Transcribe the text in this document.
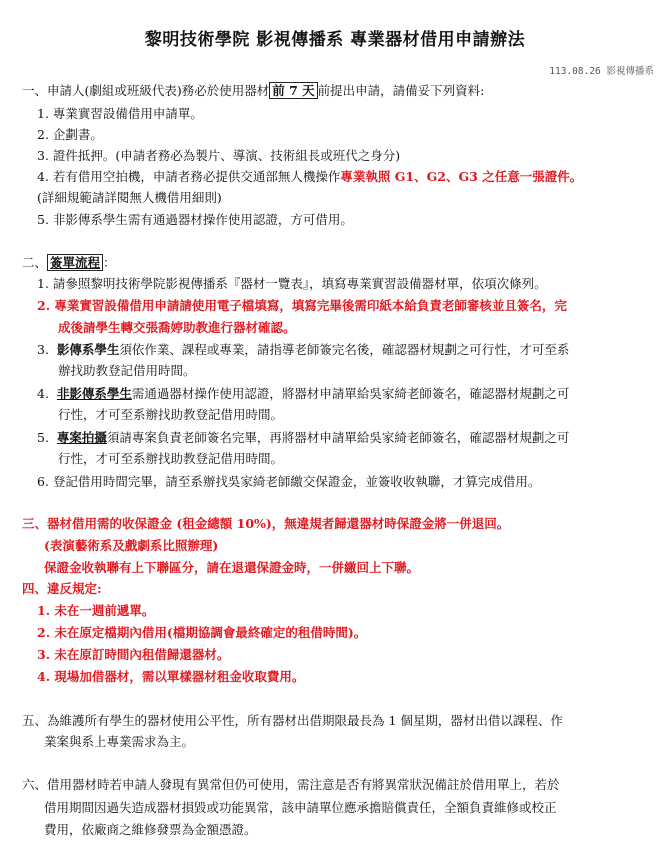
黎明技術學院 影視傳播系 專業器材借用申請辦法
113.08.26 影視傳播系
一、申請人(劇組或班級代表)務必於使用器材 前 7 天 前提出申請，請備妥下列資料:
1. 專業實習設備借用申請單。
2. 企劃書。
3. 證件抵押。(申請者務必為製片、導演、技術組長或班代之身分)
4. 若有借用空拍機，申請者務必提供交通部無人機操作專業執照 G1、G2、G3 之任意一張證件。
(詳細規範請詳閱無人機借用細則)
5. 非影傳系學生需有通過器材操作使用認證，方可借用。
二、 簽單流程 ：
1. 請參照黎明技術學院影視傳播系『器材一覽表』，填寫專業實習設備器材單，依項次條列。
2. 專業實習設備借用申請請使用電子檔填寫，填寫完畢後需印紙本給負責老師審核並且簽名，完
成後請學生轉交張喬婷助教進行器材確認。
3. 影傳系學生須依作業、課程或專業，請指導老師簽完名後，確認器材規劃之可行性，才可至系
辦找助教登記借用時間。
4. 非影傳系學生需通過器材操作使用認證，將器材申請單給吳家綺老師簽名，確認器材規劃之可
行性，才可至系辦找助教登記借用時間。
5. 專案拍攝須請專案負責老師簽名完畢，再將器材申請單給吳家綺老師簽名，確認器材規劃之可
行性，才可至系辦找助教登記借用時間。
6. 登記借用時間完畢，請至系辦找吳家綺老師繳交保證金，並簽收收執聯，才算完成借用。
三、器材借用需的收保證金 (租金總額 10%)，無違規者歸還器材時保證金將一併退回。
(表演藝術系及戲劇系比照辦理)
保證金收執聯有上下聯區分，請在退還保證金時，一併繳回上下聯。
四、違反規定:
1. 未在一週前遞單。
2. 未在原定檔期內借用(檔期協調會最終確定的租借時間)。
3. 未在原訂時間內租借歸還器材。
4. 現場加借器材，需以單樣器材租金收取費用。
五、為維護所有學生的器材使用公平性，所有器材出借期限最長為 1 個星期，器材出借以課程、作
業案與系上專業需求為主。
六、借用器材時若申請人發現有異常但仍可使用，需注意是否有將異常狀況備註於借用單上，若於
借用期間因過失造成器材損毀或功能異常，該申請單位應承擔賠償責任，全額負責維修或校正
費用，依廠商之維修發票為金額憑證。
